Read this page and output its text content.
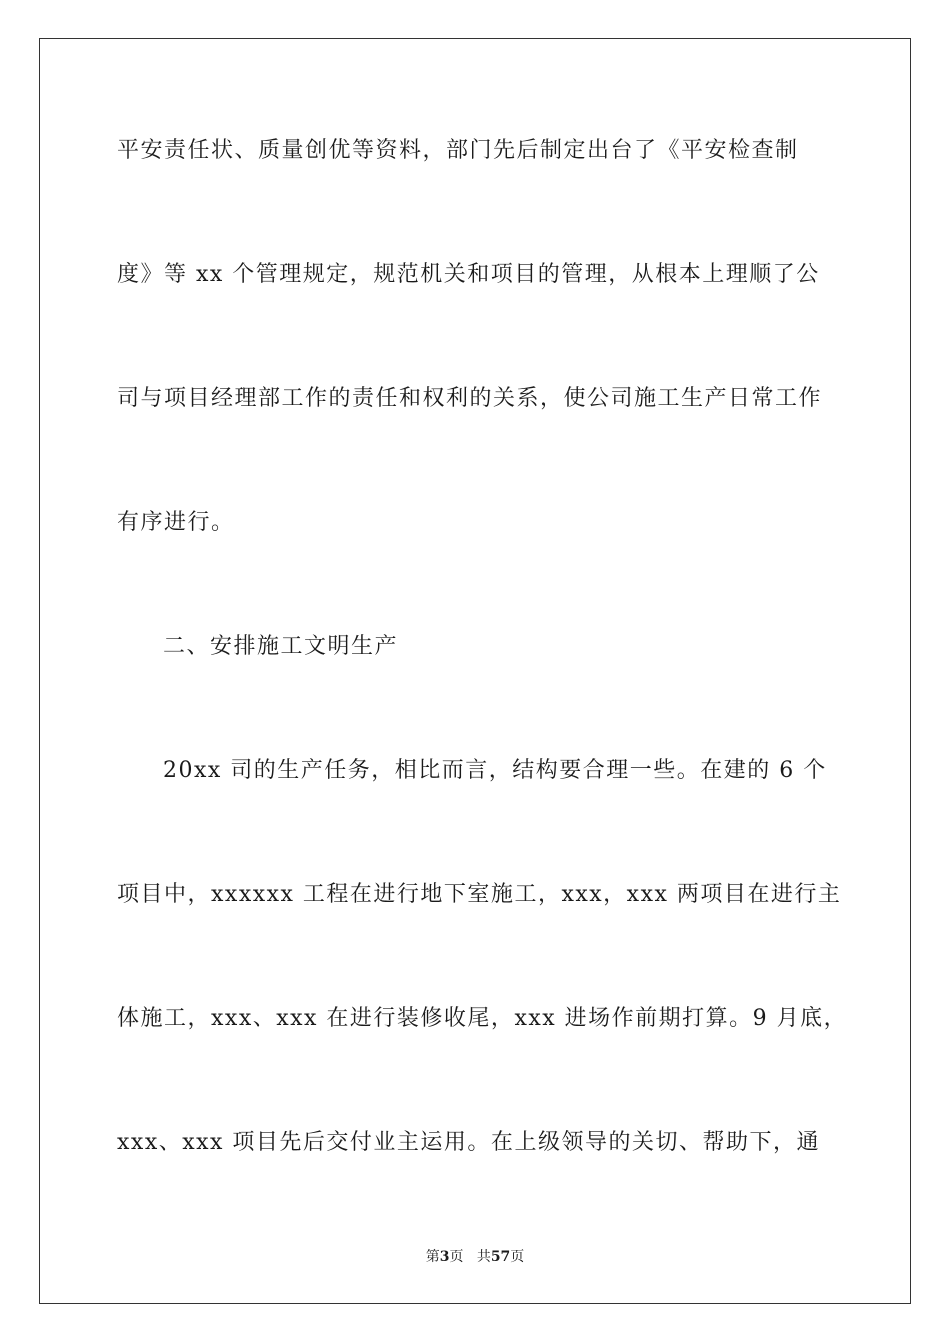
平安责任状、质量创优等资料，部门先后制定出台了《平安检查制
度》等 xx 个管理规定，规范机关和项目的管理，从根本上理顺了公
司与项目经理部工作的责任和权利的关系，使公司施工生产日常工作
有序进行。
二、安排施工文明生产
20xx 司的生产任务，相比而言，结构要合理一些。在建的 6 个
项目中，xxxxxx 工程在进行地下室施工，xxx，xxx 两项目在进行主
体施工，xxx、xxx 在进行装修收尾，xxx 进场作前期打算。9 月底，
xxx、xxx 项目先后交付业主运用。在上级领导的关切、帮助下，通
第3页 共57页
